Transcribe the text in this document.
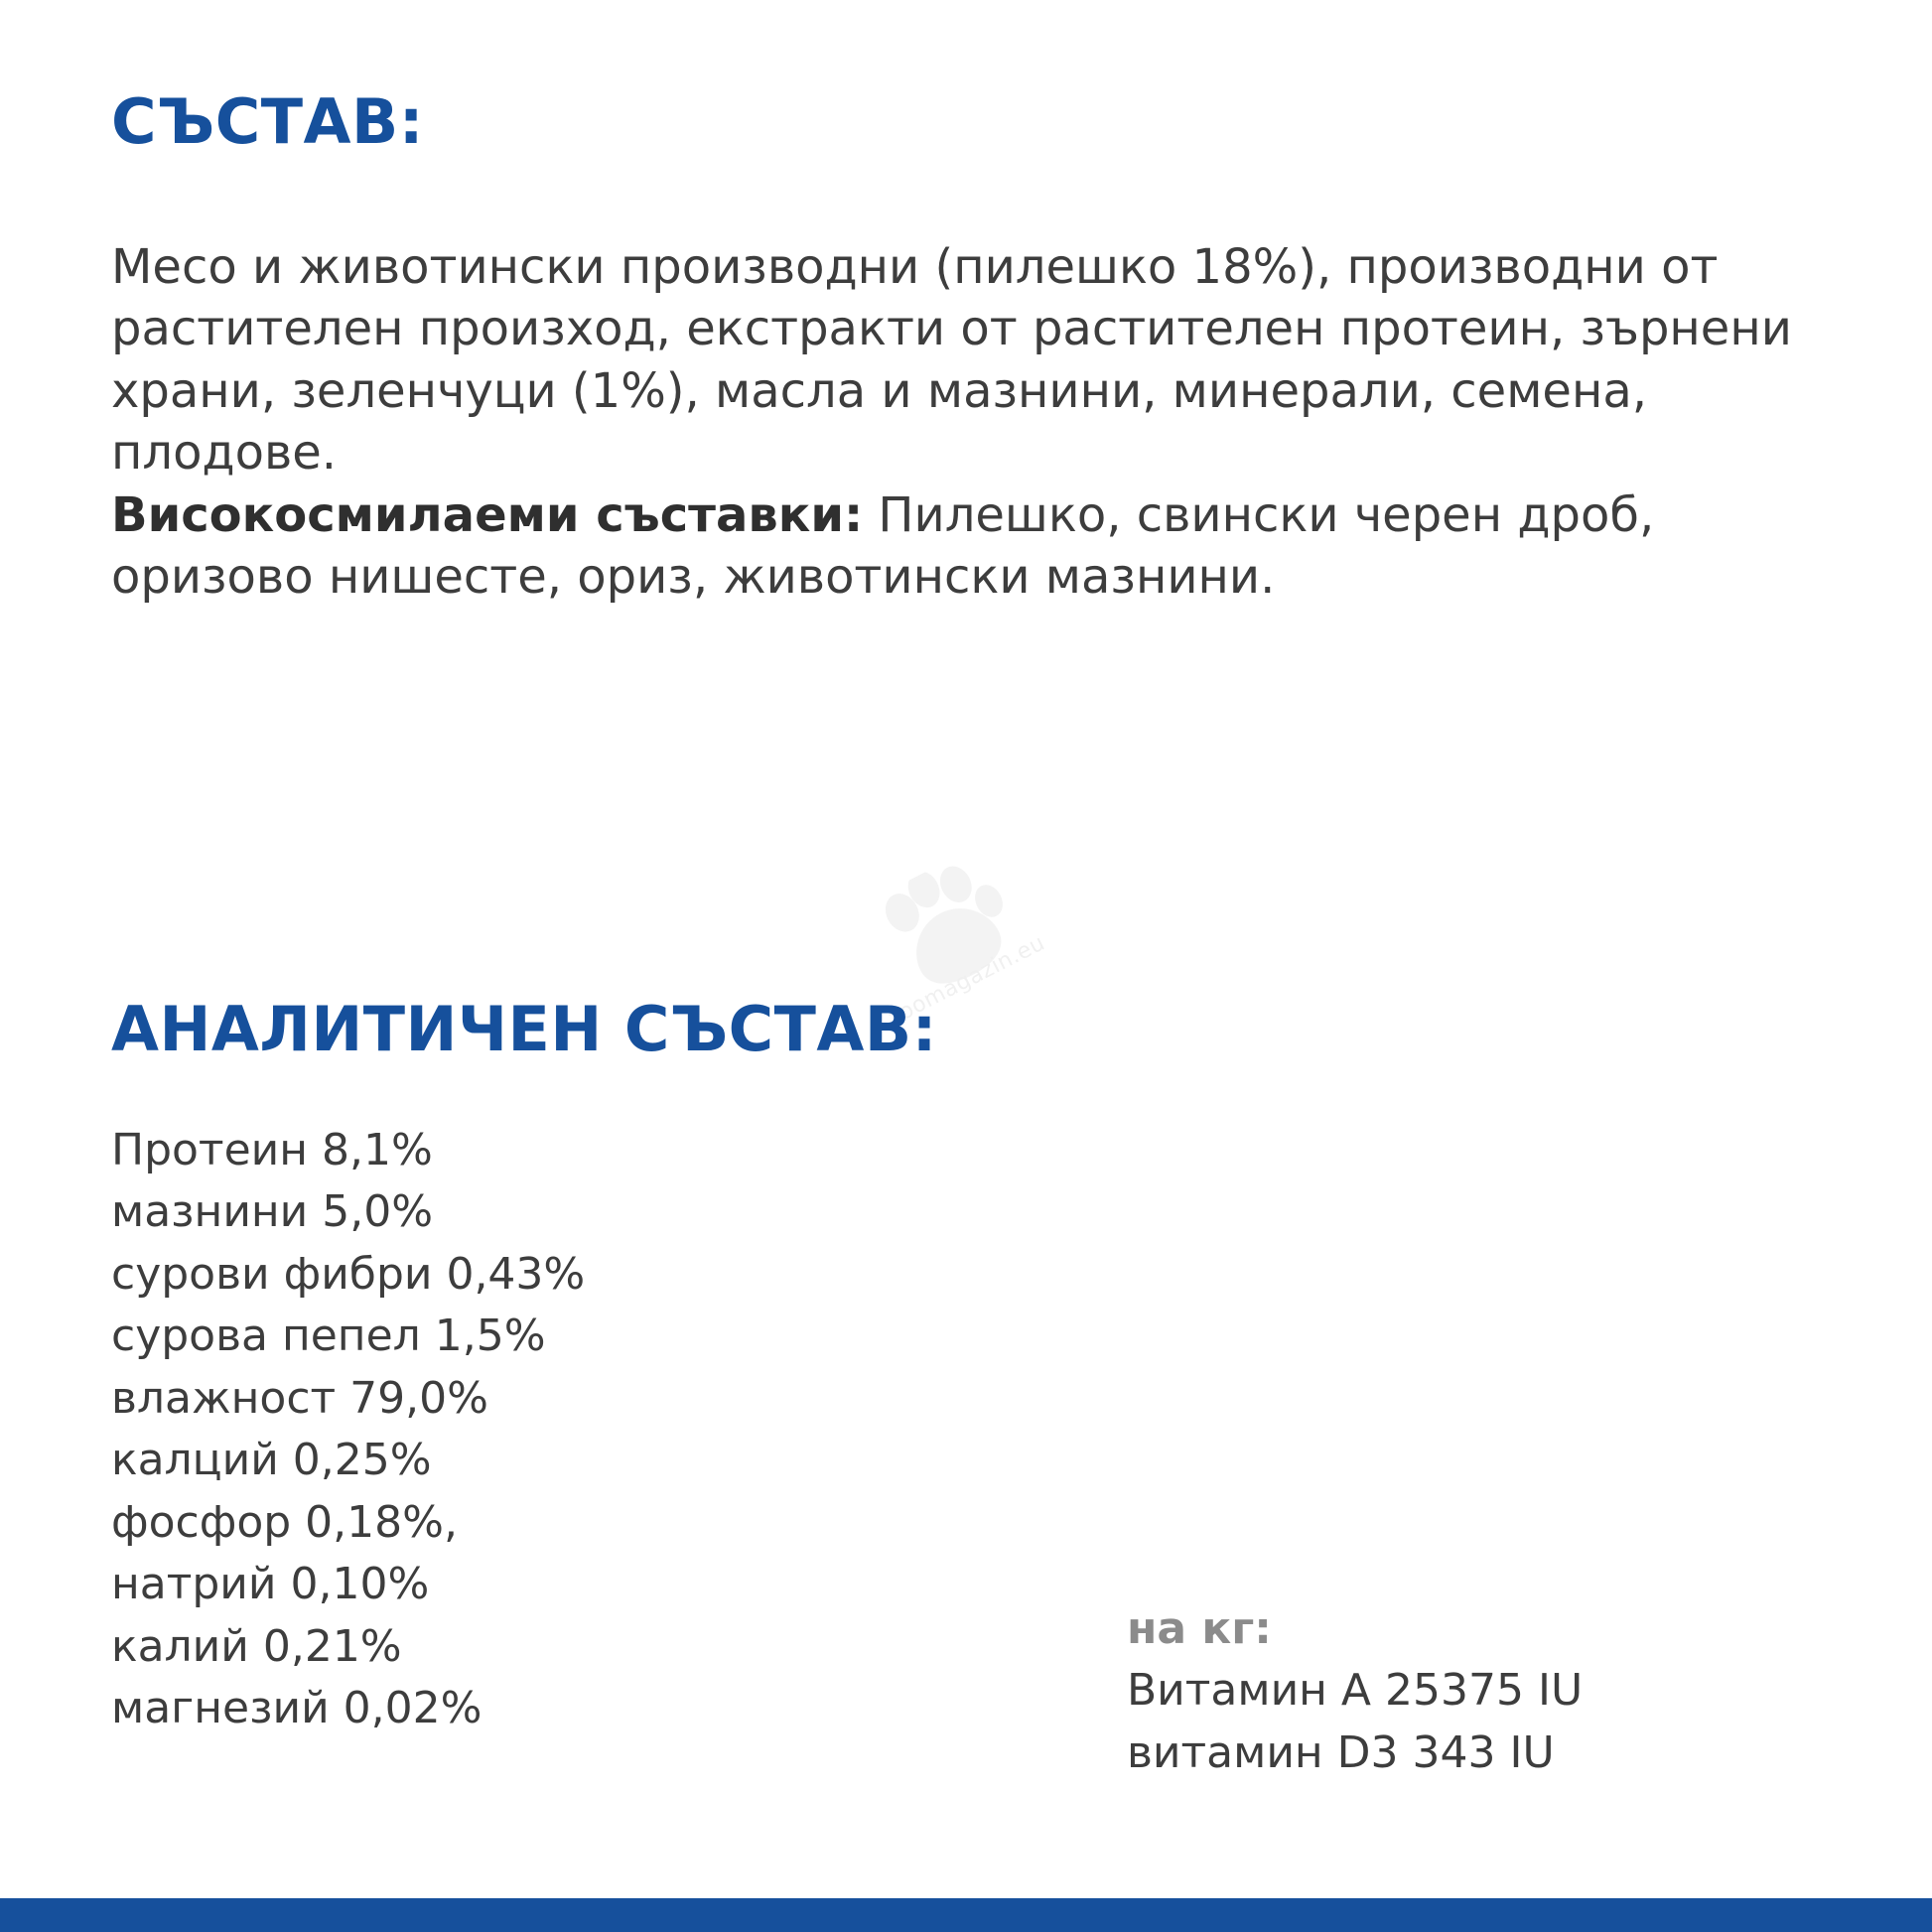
zoomagazin.eu
СЪСТАВ:
Месо и животински производни (пилешко 18%), производни от растителен произход, екстракти от растителен протеин, зърнени храни, зеленчуци (1%), масла и мазнини, минерали, семена, плодове.
Високосмилаеми съставки: Пилешко, свински черен дроб, оризово нишесте, ориз, животински мазнини.
АНАЛИТИЧЕН СЪСТАВ:
Протеин 8,1%
мазнини 5,0%
сурови фибри 0,43%
сурова пепел 1,5%
влажност 79,0%
калций 0,25%
фосфор 0,18%,
натрий 0,10%
калий 0,21%
магнезий 0,02%
на кг:
Витамин A 25375 IU
витамин D3 343 IU
